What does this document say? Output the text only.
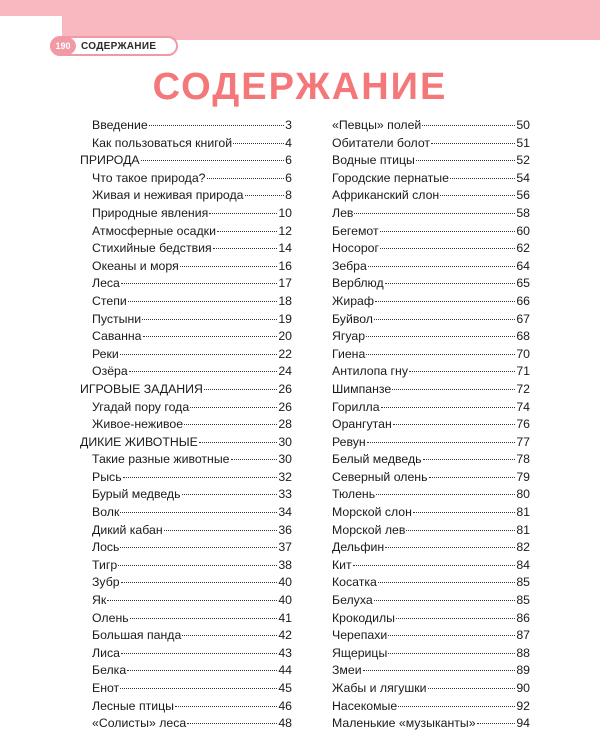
190	СОДЕРЖАНИЕ
СОДЕРЖАНИЕ
Введение	3
Как пользоваться книгой	4
ПРИРОДА	6
Что такое природа?	6
Живая и неживая природа	8
Природные явления	10
Атмосферные осадки	12
Стихийные бедствия	14
Океаны и моря	16
Леса	17
Степи	18
Пустыни	19
Саванна	20
Реки	22
Озёра	24
ИГРОВЫЕ ЗАДАНИЯ	26
Угадай пору года	26
Живое-неживое	28
ДИКИЕ ЖИВОТНЫЕ	30
Такие разные животные	30
Рысь	32
Бурый медведь	33
Волк	34
Дикий кабан	36
Лось	37
Тигр	38
Зубр	40
Як	40
Олень	41
Большая панда	42
Лиса	43
Белка	44
Енот	45
Лесные птицы	46
«Солисты» леса	48
«Певцы» полей	50
Обитатели болот	51
Водные птицы	52
Городские пернатые	54
Африканский слон	56
Лев	58
Бегемот	60
Носорог	62
Зебра	64
Верблюд	65
Жираф	66
Буйвол	67
Ягуар	68
Гиена	70
Антилопа гну	71
Шимпанзе	72
Горилла	74
Орангутан	76
Ревун	77
Белый медведь	78
Северный олень	79
Тюлень	80
Морской слон	81
Морской лев	81
Дельфин	82
Кит	84
Косатка	85
Белуха	85
Крокодилы	86
Черепахи	87
Ящерицы	88
Змеи	89
Жабы и лягушки	90
Насекомые	92
Маленькие «музыканты»	94
